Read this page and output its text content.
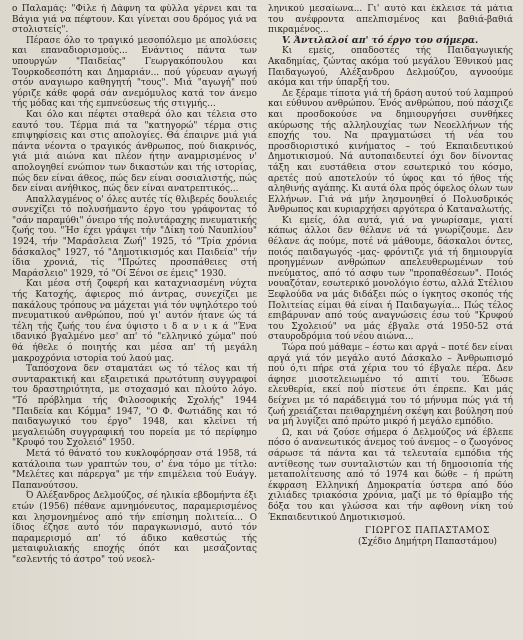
ο Παλαμάς: "Φίλε ή Δάφνη τα φύλλα γέρνει και τα Βάγια γιά να πέφτουν. Και γίνεται σου δρόμος γιά να στολιστείς".

Πέρασε όλο το τραγικό μεσοπόλεμο με απολύσεις και επαναδιορισμούς... Ενάντιος πάντα των υπουργών "Παιδείας" Γεωργακόπουλου και Τουρκοδεσπότη και Δημαριάν... πού γύρευαν αγωγή στόν αναγιωρο καθηγητή "τους". Μιά "αγωγή" πού γύριζε κάθε φορά σάν ανεμόμυλος κατά τον άνεμο τής μόδας και τής εμπνεύσεως τής στιγμής...

Και όλο και πέφτει σταθερά όλο και τέλεια στο εαυτό του. Τέρμα πιά τα "κατηγορώ" τέρμα στις επιψηφίσεις και στις απολογίες. Θά έπαιρνε μιά γιά πάντα νέοντα ο τραγικός άνθρωπος, πού διακρινός, γιά μιά αιώνα και πλέον ήτην αναμρισμένος ν' απολογηθεί ενώπιον των δικαστών και τής ιστορίας, πώς δεν είναι άθεος, πώς δεν είναι σοσιαλιστής, πώς δεν είναι ανήθικος, πώς δεν είναι ανατρεπτικός...

Απαλλαγμένος ο' όλες αυτές τίς θλιβερές δουλειές συνεχίζει τό πολυσήμαντο έργο του γράφοντας τό "σάν παραμύθι" όνειρο τής πολυτάραχης πνευματικής ζωής του. "Ήσ έχει γράψει τήν "Δίκη τού Ναυπλίου" 1924, τήν "Μαράσλεια Ζωή" 1925, τό "Τρία χρόνια δάσκαλος" 1927, τό "Δημοτικισμός και Παιδεία" τήν ίδια χρονιά, τίς "Πρώτες προσπάθειες στή Μαράσλειο" 1929, τό "Οί Ξένοι σε έμεις" 1930.

Και μέσα στή ζοφερή και καταχνιασμένη νύχτα τής Κατοχής, άφιερος πιό άντρας, συνεχίζει με πακάλους τρόπους να μάχεται γιά τόν υψηλότερο τού πνευματικού ανθρώπου, πού γι' αυτόν ήτανε ώς τά τέλη τής ζωής του ένα ύψιστο ι δ α ν ι κ ά "Ένα ιδανικό βγαλμένο μεσ' απ' τό "ελληνικό χώμα" πού θά ήθελε ό ποιητής και μέσα απ' τή μεγάλη μακροχρόνια ιστορία τού λαού μας.

Ταπόσχονα δεν σταματάει ως τό τέλος και τή συνταρακτική και εξαιρετικά πρωτότυπη συγγραφοί του δραστηριότητα, με στοχασμό και πλούτο λόγο. "Τό πρόβλημα τής Φιλοσοφικής Σχολής" 1944 "Παιδεία και Κόμμα" 1947, "Ο Φ. Φωτιάδης και τό παιδαγωγικό του έργο" 1948, και κλείνει τή μεγαλειώδη συγγραφική του πορεία με τό περίφημο "Κρυφό του Σχολειό" 1950.

Μετά τό θάνατό του κυκλοφόρησαν στά 1958, τά κατάλοιπα των γραπτών του, σ' ένα τόμο με τίτλο: "Μελέτες και πάρεργα" με τήν επιμέλεια τού Ευάγγ. Παπανούτσου.

Ό Αλέξανδρος Δελμούζος, σέ ηλικία εβδομήντα έξι ετών (1956) πέθανε αμνημόνευτος, παραμερισμένος και λησμονημένος από τήν επίσημη πολιτεία... Ο ίδιος έζησε αυτό τόν παραγκωνισμό, αυτό τόν παραμερισμό απ' τό άδικο καθεστώς τής μεταιφυλιακής εποχής όπότ και μεσάζοντας "εσλεντής τό άστρο" τού νεοελ-

ληνικού μεσαίωνα... Γι' αυτό και έκλεισε τά μάτια του ανέφροντα απελπισμένος και βαθιά-βαθιά πικραμένος...

V. Άντιλαλοί απ' τό έργο του σήμερα.

Κι εμείς, οπαδοστές τής Παιδαγωγικής Ακαδημίας, ζώντας ακόμα τού μεγάλου Έθνικού μας Παιδαγωγού, Αλέξανδρου Δελμούζου, αγνοούμε ακόμα και τήν ύπαρξή του.

Δε ξέραμε τίποτα γιά τή δράση αυτού τού λαμπρού και εύθυνου ανθρώπου. Ένός ανθρώπου, πού πάσχιζε και προσδοκούσε να δημιουργήσει συνθήκες ακύρωσης τής αλληλουχίας των Νεοελλήνων τής εποχής του. Να πραγματώσει τή νέα του προσδιοριστικό κινήματος – τού Εκπαιδευτικού Δημοτικισμού. Νά αυτοπαιδευτεί όχι δον δίνοντας τάξη και ευστάθεια στον εσωτερικό του κόσμο, αρετές πού αποτελούν τό ύφος και τό ήθος τής αληθινής αγάπης. Κι αυτά όλα πρός όφελος όλων των Ελλήνων. Γιά νά μήν λησμονηθεί ό Πολυσδρικός Άνθρωπος και κυριαρχήσει αργότερα ό Καταναλωτής.

Κι εμείς, όλα αυτά, γιά να γνωρίσαμε, γιατί κάπως άλλοι δεν θέλανε νά τά γνωρίζουμε. Δεν θέλανε άς πούμε, ποτέ νά μάθουμε, δάσκαλοι όντες, ποιός παιδαγωγός -μας- φρόντιζε γιά τή δημιουργία προηγμένων ανθρώπων απελευθερωμένων τού πνεύματος, από τό ασφυ των "προπαθέσεων". Ποιός νουαζόταν, εσωτερικό μονολόγιο έστω, αλλά Στέλιου Ξεφλούδα να μάς διδάξει πώς ο ίγκητος σκοπός τής Πολιτείας είμαι θά είναι ή Παιδαγωγία... Πώς τέλος επιβάρυναν από τούς αναγνώσεις έσω τού "Κρυφού του Σχολειού" να μάς έβγαλε στά 1950-52 στά σταυροδρόμια τού νέου αιώνα...

Τώρα πού μάθαμε – έστω και αργά – ποτέ δεν είναι αργά γιά τόν μεγάλο αυτό Δάσκαλο – Άνθρωπισμό πού ό,τι πήρε στά χέρια του τό έβγαλε πέρα. Δεν άφησε μισοτελειωμένο τό απιτί του. Έδωσε ελευθερία, εκεί πού πίστευε ότι έπρεπε. Και μάς δείχνει με τό παράδειγμά του τό μήνυμα πώς γιά τή ζωή χρειάζεται πειθαρχημένη σκέψη και βούληση πού να μή λυγίζει από πρώτο μικρό ή μεγάλο εμπόδιο.

Ω, και νά ζούσε σήμερα ό Δελμούζος νά έβλεπε πόσο ό ανανεωτικός άνεμος τού άνεμος – ο ζωογόνος σάρωσε τά πάντα και τά τελευταία εμπόδια τής αντίθεσης των συνταλιστών και τή δημοσιοπία τής μεταπολίτευσης από τό 1974 και δώθε – ή πρώτη έκφραση Ελληνική Δημοκρατία ύστερα από δύο χιλιάδες τριακόσια χρόνια, μαζί με τό θρίαμβο τής δόξα του και γλώσσα και τήν αφθονη νίκη τού Έκπαιδευτικού Δημοτικισμού.

ΓΙΩΡΓΟΣ ΠΑΠΑΣΤΑΜΟΣ
(Σχέδιο Δημήτρη Παπαστάμου)
